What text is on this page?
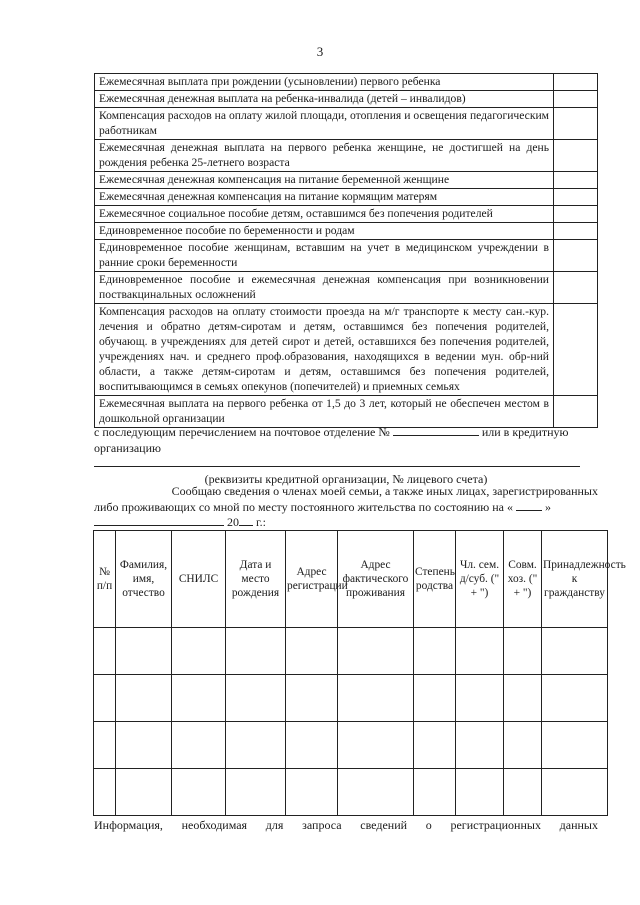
3
Ежемесячная выплата при рождении (усыновлении) первого ребенка	
Ежемесячная денежная выплата на ребенка-инвалида (детей – инвалидов)	
Компенсация расходов на оплату жилой площади, отопления и освещения педагогическим работникам	
Ежемесячная денежная выплата на первого ребенка женщине, не достигшей на день рождения ребенка 25-летнего возраста	
Ежемесячная денежная компенсация на питание беременной женщине	
Ежемесячная денежная компенсация на питание кормящим матерям	
Ежемесячное социальное пособие детям, оставшимся без попечения родителей	
Единовременное пособие по беременности и родам	
Единовременное пособие женщинам, вставшим на учет в медицинском учреждении в ранние сроки беременности	
Единовременное пособие и ежемесячная денежная компенсация при возникновении поствакцинальных осложнений	
Компенсация расходов на оплату стоимости проезда на м/г транспорте к месту сан.-кур. лечения и обратно детям-сиротам и детям, оставшимся без попечения родителей, обучающ. в учреждениях для детей сирот и детей, оставшихся без попечения родителей, учреждениях нач. и среднего проф.образования, находящихся в ведении мун. обр-ний области, а также детям-сиротам и детям, оставшимся без попечения родителей, воспитывающимся в семьях опекунов (попечителей) и приемных семьях	
Ежемесячная выплата на первого ребенка от 1,5 до 3 лет, который не обеспечен местом в дошкольной организации	
с последующим перечислением на почтовое отделение №	или в кредитную
организацию
(реквизиты кредитной организации, № лицевого счета)
Сообщаю сведения о членах моей семьи, а также иных лицах, зарегистрированных
либо проживающих со мной по месту постоянного жительства по состоянию на «	»
20 г.:
№ п/п	Фамилия, имя, отчество	СНИЛС	Дата и место рождения	Адрес регистрации	Адрес фактического проживания	Степень родства	Чл. сем. д/суб. (" + ")	Совм. хоз. (" + ")	Принадлежность к гражданству

Информация, необходимая для запроса сведений о регистрационных данных
